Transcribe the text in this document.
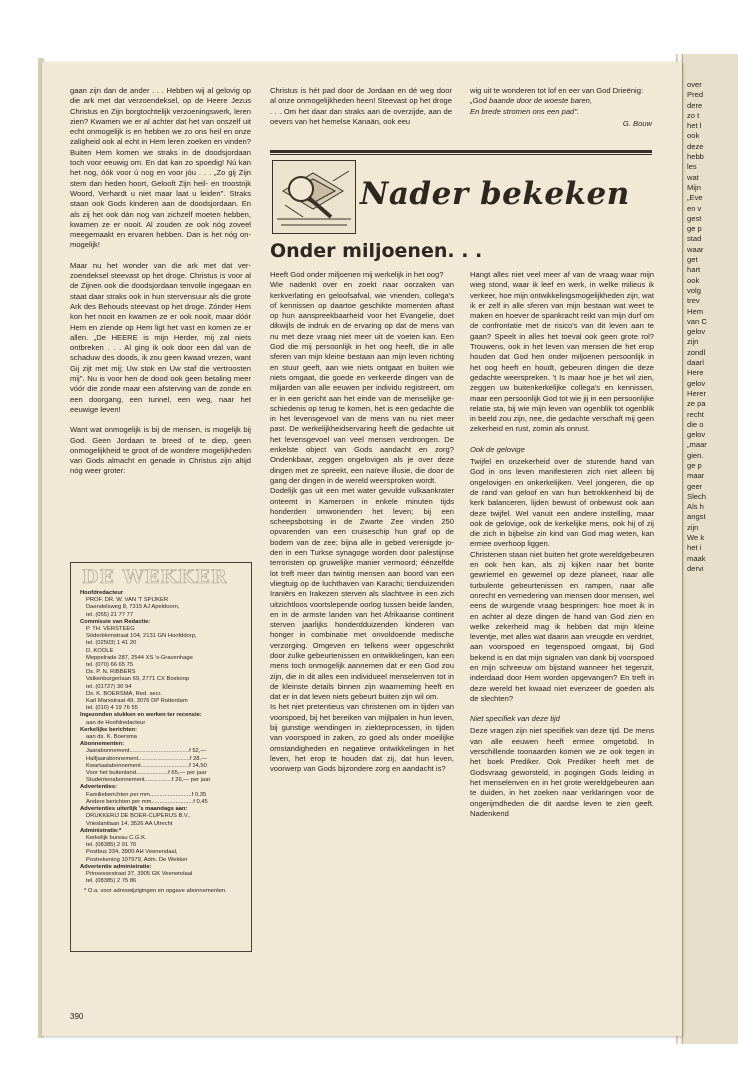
over
Pred
dere
zo t
het l
ook
deze
hebb
les
wat
Mijn
„Eve
en v
gest
ge p
stad
waar
get
hart
ook
volg
trev
Hem
van C
gelov
zijn
zondl
daarl
Here
gelov
Herer
ze pa
recht
die o
gelov
„maar
gien.
ge p
maar
geer
Slech
Als h
angst
zijn
We k
het i
maak
dervi

gaan zijn dan de ander . . . Hebben wij al gelovig op die ark met dat verzoendeksel, op de Heere Jezus Christus en Zijn borgtochtelijk verzoeningswerk, leren zien? Kwamen we er al achter dat het van onszelf uit echt onmogelijk is en hebben we zo ons heil en onze zaligheid ook al echt in Hem leren zoeken en vinden? Buiten Hem komen we straks in de doodsjordaan toch voor eeuwig om. En dat kan zo spoedig! Nú kan het nog, óók voor ú nog en voor jóu . . . „Zo gij Zijn stem dan heden hoort, Gelooft Zijn heil- en troostrijk Woord, Verhardt u niet maar laat u leiden''. Straks staan ook Gods kinderen aan de doodsjordaan. En als zij het ook dán nog van zichzelf moeten hebben, kwamen ze er nooit. Al zouden ze ook nóg zoveel meegemaakt en ervaren hebben. Dan is het nóg onmogelijk!

Maar nu het wonder van die ark met dat verzoendeksel steevast op het droge. Christus is voor al de Zijnen ook die doodsjordaan tenvolle ingegaan en staat daar straks ook in hun stervensuur als die grote Ark des Behouds steevast op het droge. Zónder Hem kon het nooit en kwamen ze er ook nooit, maar dóór Hem en zíende op Hem ligt het vast en komen ze er allen. „De HEERE is mijn Herder, mij zal niets ontbreken . . . Al ging ik ook door een dal van de schaduw des doods, ik zou geen kwaad vrezen, want Gij zijt met mij; Uw stok en Uw staf die vertroosten mij''. Nu is voor hen de dood ook geen betaling meer vóór die zonde maar een afsterving van de zonde en een doorgang, een tunnel, een weg, naar het eeuwige leven!

Want wat onmogelijk is bij de mensen, is mogelijk bij God. Geen Jordaan te breed of te diep, geen onmogelijkheid te groot of de wondere mogelijkheden van Gods almacht en genade in Christus zijn altijd nóg weer groter:

Christus is hét pad door de Jordaan en dé weg door al onze onmogelijkheden heen! Steevast op het droge . . . Om het daar dan straks aan de overzijde, aan de oevers van het hemelse Kanaän, ook eeu

wig uit te wonderen tot lof en eer van God Drieënig:

„God baande door de woeste baren,
En brede stromen ons een pad''.
G. Bouw
Nader bekeken
Onder miljoenen. . .

Heeft God onder miljoenen mij werkelijk in het oog?

Wie nadenkt over en zoekt naar oorzaken van kerkverlating en geloofsafval, wie vrienden, collega's of kennissen op daartoe geschikte momenten aftast op hun aanspreekbaarheid voor het Evangelie, doet dikwijls de indruk en de ervaring op dat de mens van nu met deze vraag niet meer uit de voeten kan. Een God die mij persoonlijk in het oog heeft, die in alle sferen van mijn kleine bestaan aan mijn leven richting en stuur geeft, aan wie niets ontgaat en buiten wie niets omgaat, die goede en verkeerde dingen van de miljarden van alle eeuwen per individu registreert, om er in een gericht aan het einde van de menselijke geschiedenis op terug te komen, het is een gedachte die in het levensgevoel van de mens van nu niet meer past. De werkelijkheidservaring heeft die gedachte uit het levensgevoel van veel mensen verdrongen. De enkelste object van Gods aandacht en zorg? Ondenkbaar, zeggen ongelovigen als je over deze dingen met ze spreekt, een naïeve illusie, die door de gang der dingen in de wereld weersproken wordt.

Dodelijk gas uit een met water gevulde vulkaankrater onteemt in Kameroen in enkele minuten tijds honderden omwonenden het leven; bij een scheepsbotsing in de Zwarte Zee vinden 250 opvarenden van een cruiseschip hun graf op de bodem van de zee; bijna alle in gebed verenigde joden in een Turkse synagoge worden door palestijnse terroristen op gruwelijke manier vermoord; éénzelfde lot treft meer dan twintig mensen aan boord van een vliegtuig op de luchthaven van Karachi; tienduizenden Iraniërs en Irakezen sterven als slachtvee in een zich uitzichtloos voortslepende oorlog tussen beide landen, en in de armste landen van het Afrikaanse continent sterven jaarlijks honderdduizenden kinderen van honger in combinatie met onvoldoende medische verzorging. Omgeven en telkens weer opgeschrikt door zulke gebeurtenissen en ontwikkelingen, kan een mens toch onmogelijk aannemen dat er een God zou zijn, die in dit alles een individueel menselenven tot in de kleinste details binnen zijn waarneming heeft en dat er in dat leven niets gebeurt buiten zijn wil om.

Is het niet pretentieus van christenen om in tijden van voorspoed, bij het bereiken van mijlpalen in hun leven, bij gunstige wendingen in ziekteprocessen, in tijden van voorspoed in zaken, zo goed als onder moeilijke omstandigheden en negatieve ontwikkelingen in het leven, het erop te houden dat zij, dat hun leven, voorwerp van Gods bijzondere zorg en aandacht is?

Hangt alles niet veel meer af van de vraag waar mijn wieg stond, waar ik leef en werk, in welke milieus ik verkeer, hoe mijn ontwikkelingsmogelijkheden zijn, wat ik er zelf in alle sferen van mijn bestaan wat weet te maken en hoever de spankracht reikt van mijn durf om de confrontatie met de risico's van dit leven aan te gaan? Speelt in alles het toeval ook geen grote rol? Trouwens, ook in het leven van mensen die het erop houden dat God hen onder miljoenen persoonlijk in het oog heeft en houdt, gebeuren dingen die deze gedachte weerspreken. 't Is maar hoe je het wil zien, zeggen uw buitenkerkelijke collega's en kennissen, maar een persoonlijk God tot wie jij in een persoonlijke relatie sta, bij wie mijn leven van ogenblik tot ogenblik in beeld zou zijn, nee, die gedachte verschaft mij geen zekerheid en rust, zomin als onrust.

Ook de gelovige

Twijfel en onzekerheid over de sturende hand van God in ons leven manifesteren zich niet alleen bij ongelovigen en onkerkelijken. Veel jongeren, die op de rand van geloof en van hun betrokkenheid bij de kerk balanceren, lijden bewust of onbewust ook aan deze twijfel. Wel vanuit een andere instelling, maar ook de gelovige, ook de kerkelijke mens, ook hij of zij die zich in bijbelse zin kind van God mag weten, kan ermee overhoop liggen.

Christenen staan niet buiten het grote wereldgebeuren en ook hen kan, als zij kijken naar het bonte gewriemel en gewemel op deze planeet, naar alle turbulente gebeurtenissen en rampen, naar alle onrecht en vernedering van mensen door mensen, wel eens de wurgende vraag bespringen: hoe moet ik in en achter al deze dingen de hand van God zien en welke zekerheid mag ik hebben dat mijn kleine leventje, met alles wat daarin aan vreugde en verdriet, aan voorspoed en tegenspoed omgaat, bij God bekend is en dat mijn signalen van dank bij voorspoed en mijn schreeuw om bijstand wanneer het tegenzit, inderdaad door Hem worden opgevangen? En treft in deze wereld het kwaad niet evenzeer de goeden als de slechten?

Niet specifiek van deze tijd

Deze vragen zijn niet specifiek van deze tijd. De mens van alle eeuwen heeft ermee omgetobd. In verschillende toonaarden komen we ze ook tegen in het boek Prediker. Ook Prediker heeft met de Godsvraag geworsteld, in pogingen Gods leiding in het menselenven en in het grote wereldgebeuren aan te duiden, in het zoeken naar verklaringen voor de ongerijmdheden die dit aardse leven te zien geeft. Nadenkend

DE WEKKER
Hoofdredacteur
PROF. DR. W. VAN 'T SPIJKER
Daendelsweg 8, 7315 AJ Apeldoorn,
tel. (055) 21 77 77
Commissie van Redactie:
P. TH. VERSTEEG
Söderblomstraat 104, 2131 GN Hoofddorp,
tel. (02503) 1 41 20
D. KOOLE
Meppelrade 287, 2544 XS 's-Gravenhage
tel. (070) 66 65 75
Ds. P. N. RIBBERS
Valkenburgerlaan 69, 2771 CX Boskoop
tel. (01727) 30 94
Ds. K. BOERSMA, Red. secr.
Karl Marxstraat 49, 3076 DP Rotterdam
tel. (010) 4 19 76 55
Ingezonden stukken en werken ter recensie:
aan de Hoofdredacteur
Kerkelijke berichten:
aan ds. K. Boersma
Abonnementen:
Jaarabonnement.....................................f 52,—
Halfjaarabonnement................................f 28,—
Kwartaalabonnement..............................f 14,50
Voor het buitenland....................f 65,— per jaar
Studentenabonnement.................f 26,— per jaar
Advertenties:
Familieberichten per mm..........................f 0,35
Andere berichten per mm..........................f 0,45
Advertenties uiterlijk 's maandags aan:
DRUKKERIJ DE BOER-CUPERUS B.V.,
Vrieslantlaan 14, 3526 AA Utrecht
Administratie:*
Kerkelijk bureau C.G.K.
tel. (08385) 2 91 76
Postbus 334, 3900 AH Veenendaal,
Postrekening 107979, Adm. De Wekker
Advertentie administratie:
Prinsessestraat 37, 3905 GK Veenendaal
tel. (08385) 2 75 86
* O.a. voor adreswijzigingen en opgave abonnementen.
390
